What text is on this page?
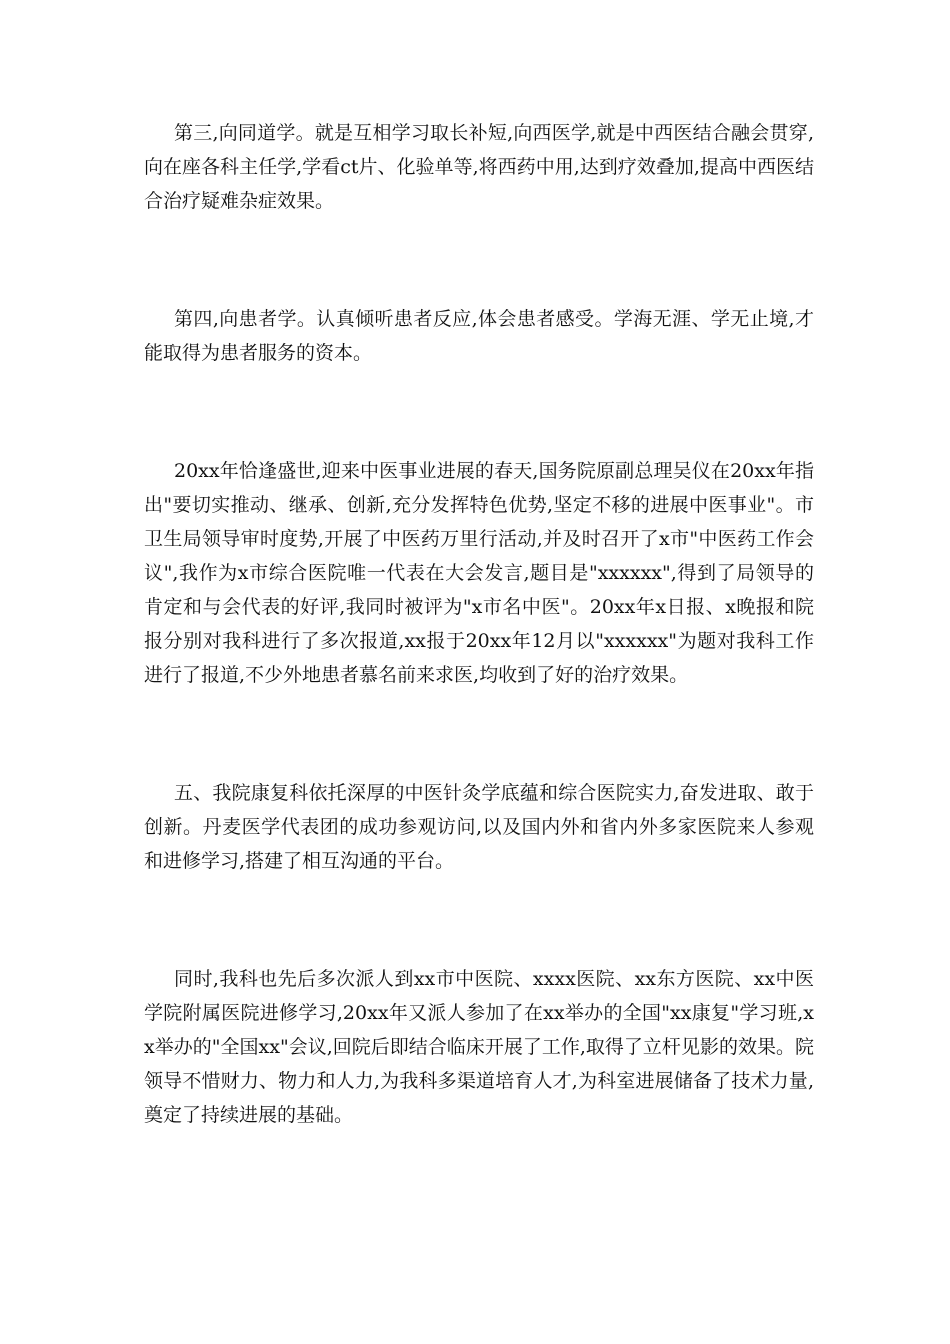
第三,向同道学。就是互相学习取长补短,向西医学,就是中西医结合融会贯穿,向在座各科主任学,学看ct片、化验单等,将西药中用,达到疗效叠加,提高中西医结合治疗疑难杂症效果。

第四,向患者学。认真倾听患者反应,体会患者感受。学海无涯、学无止境,才能取得为患者服务的资本。

20xx年恰逢盛世,迎来中医事业进展的春天,国务院原副总理吴仪在20xx年指出"要切实推动、继承、创新,充分发挥特色优势,坚定不移的进展中医事业"。市卫生局领导审时度势,开展了中医药万里行活动,并及时召开了x市"中医药工作会议",我作为x市综合医院唯一代表在大会发言,题目是"xxxxxx",得到了局领导的肯定和与会代表的好评,我同时被评为"x市名中医"。20xx年x日报、x晚报和院报分别对我科进行了多次报道,xx报于20xx年12月以"xxxxxx"为题对我科工作进行了报道,不少外地患者慕名前来求医,均收到了好的治疗效果。

五、我院康复科依托深厚的中医针灸学底蕴和综合医院实力,奋发进取、敢于创新。丹麦医学代表团的成功参观访问,以及国内外和省内外多家医院来人参观和进修学习,搭建了相互沟通的平台。

同时,我科也先后多次派人到xx市中医院、xxxx医院、xx东方医院、xx中医学院附属医院进修学习,20xx年又派人参加了在xx举办的全国"xx康复"学习班,xx举办的"全国xx"会议,回院后即结合临床开展了工作,取得了立杆见影的效果。院领导不惜财力、物力和人力,为我科多渠道培育人才,为科室进展储备了技术力量,奠定了持续进展的基础。
